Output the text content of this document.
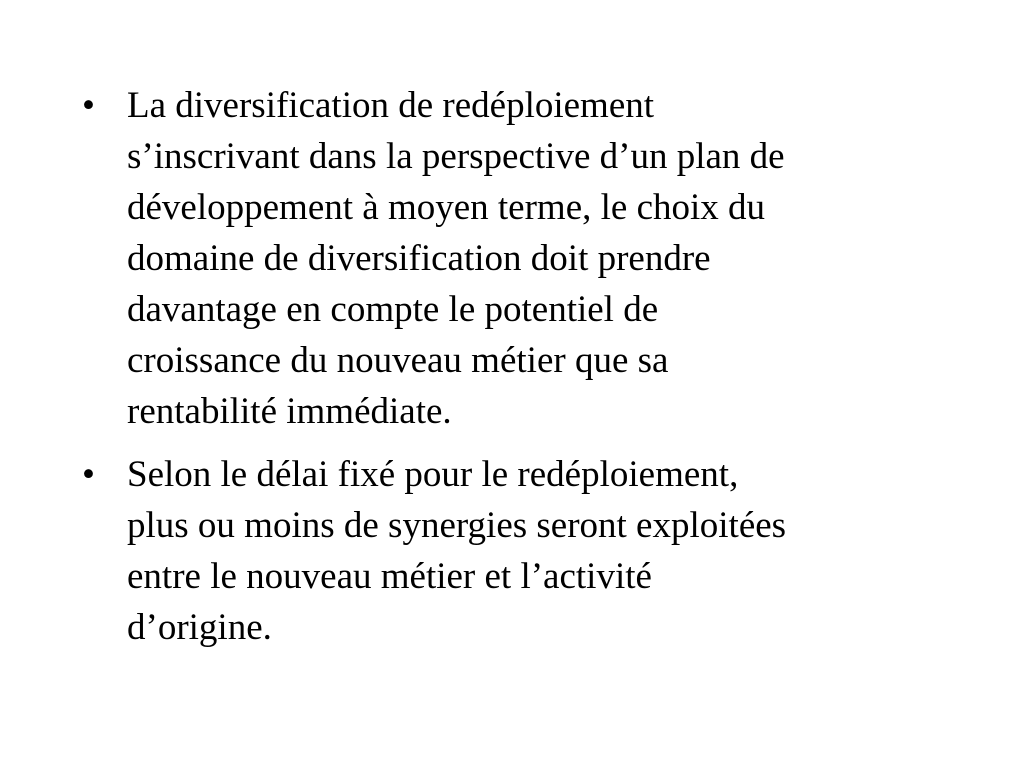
• La diversification de redéploiement
s’inscrivant dans la perspective d’un plan de
développement à moyen terme, le choix du
domaine de diversification doit prendre
davantage en compte le potentiel de
croissance du nouveau métier que sa
rentabilité immédiate.
• Selon le délai fixé pour le redéploiement,
plus ou moins de synergies seront exploitées
entre le nouveau métier et l’activité
d’origine.
